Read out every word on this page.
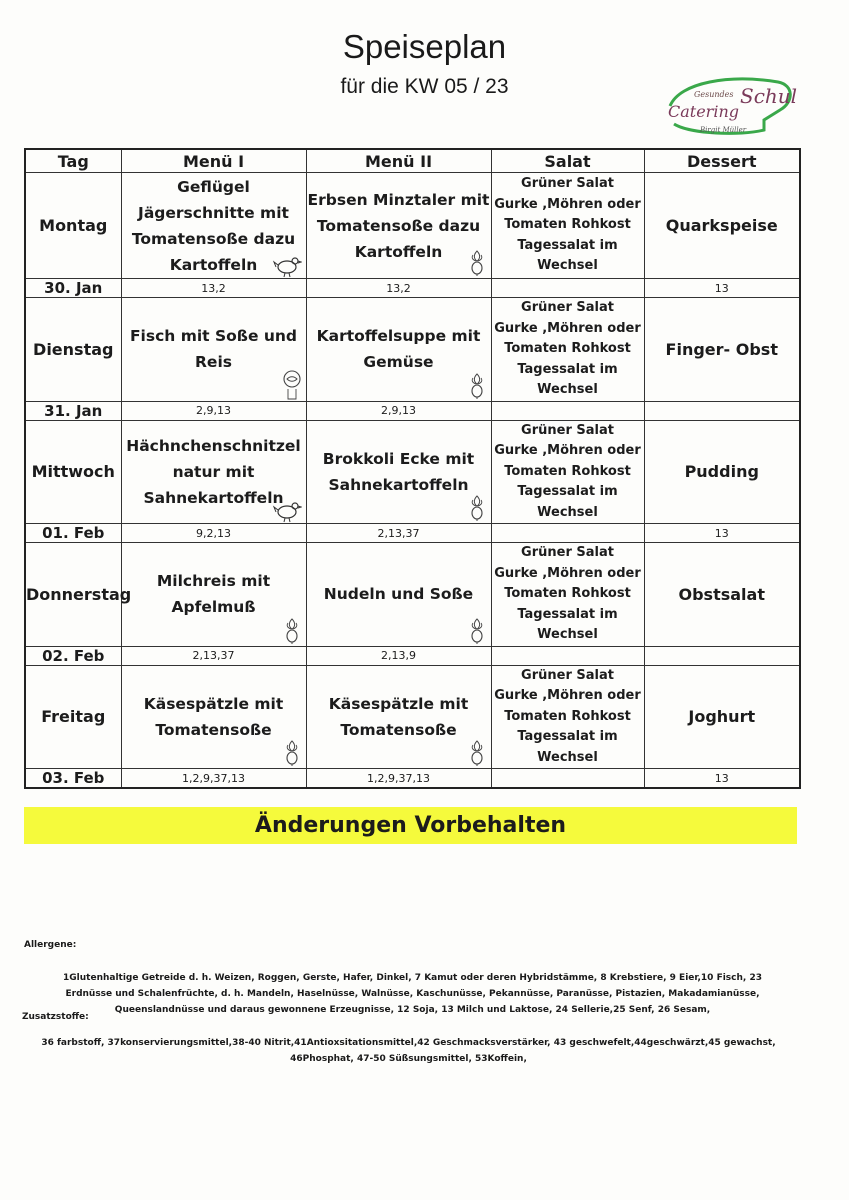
Speiseplan
für die KW 05 / 23	Gesundes Schul
Catering
Birgit Müller
Tag	Menü I	Menü II	Salat	Dessert
Montag	Geflügel Jägerschnitte mit Tomatensoße dazu Kartoffeln	Erbsen Minztaler mit Tomatensoße dazu Kartoffeln	Grüner Salat
Gurke ,Möhren oder
Tomaten Rohkost
Tagessalat im
Wechsel	Quarkspeise
30. Jan	13,2	13,2		13
Dienstag	Fisch mit Soße und Reis	Kartoffelsuppe mit Gemüse	Grüner Salat
Gurke ,Möhren oder
Tomaten Rohkost
Tagessalat im
Wechsel	Finger- Obst
31. Jan	2,9,13	2,9,13		
Mittwoch	Hächnchenschnitzel natur mit Sahnekartoffeln	Brokkoli Ecke mit Sahnekartoffeln	Grüner Salat
Gurke ,Möhren oder
Tomaten Rohkost
Tagessalat im
Wechsel	Pudding
01. Feb	9,2,13	2,13,37		13
Donnerstag	Milchreis mit Apfelmuß	Nudeln und Soße	Grüner Salat
Gurke ,Möhren oder
Tomaten Rohkost
Tagessalat im
Wechsel	Obstsalat
02. Feb	2,13,37	2,13,9		
Freitag	Käsespätzle mit Tomatensoße	Käsespätzle mit Tomatensoße	Grüner Salat
Gurke ,Möhren oder
Tomaten Rohkost
Tagessalat im
Wechsel	Joghurt
03. Feb	1,2,9,37,13	1,2,9,37,13		13
Änderungen Vorbehalten
Allergene:
1Glutenhaltige Getreide d. h. Weizen, Roggen, Gerste, Hafer, Dinkel, 7 Kamut oder deren Hybridstämme, 8 Krebstiere, 9 Eier,10 Fisch, 23 Erdnüsse und Schalenfrüchte, d. h. Mandeln, Haselnüsse, Walnüsse, Kaschunüsse, Pekannüsse, Paranüsse, Pistazien, Makadamianüsse, Queenslandnüsse und daraus gewonnene Erzeugnisse, 12 Soja, 13 Milch und Laktose, 24 Sellerie,25 Senf, 26 Sesam,
Zusatzstoffe:
36 farbstoff, 37konservierungsmittel,38-40 Nitrit,41Antioxsitationsmittel,42 Geschmacksverstärker, 43 geschwefelt,44geschwärzt,45 gewachst, 46Phosphat, 47-50 Süßsungsmittel, 53Koffein,
